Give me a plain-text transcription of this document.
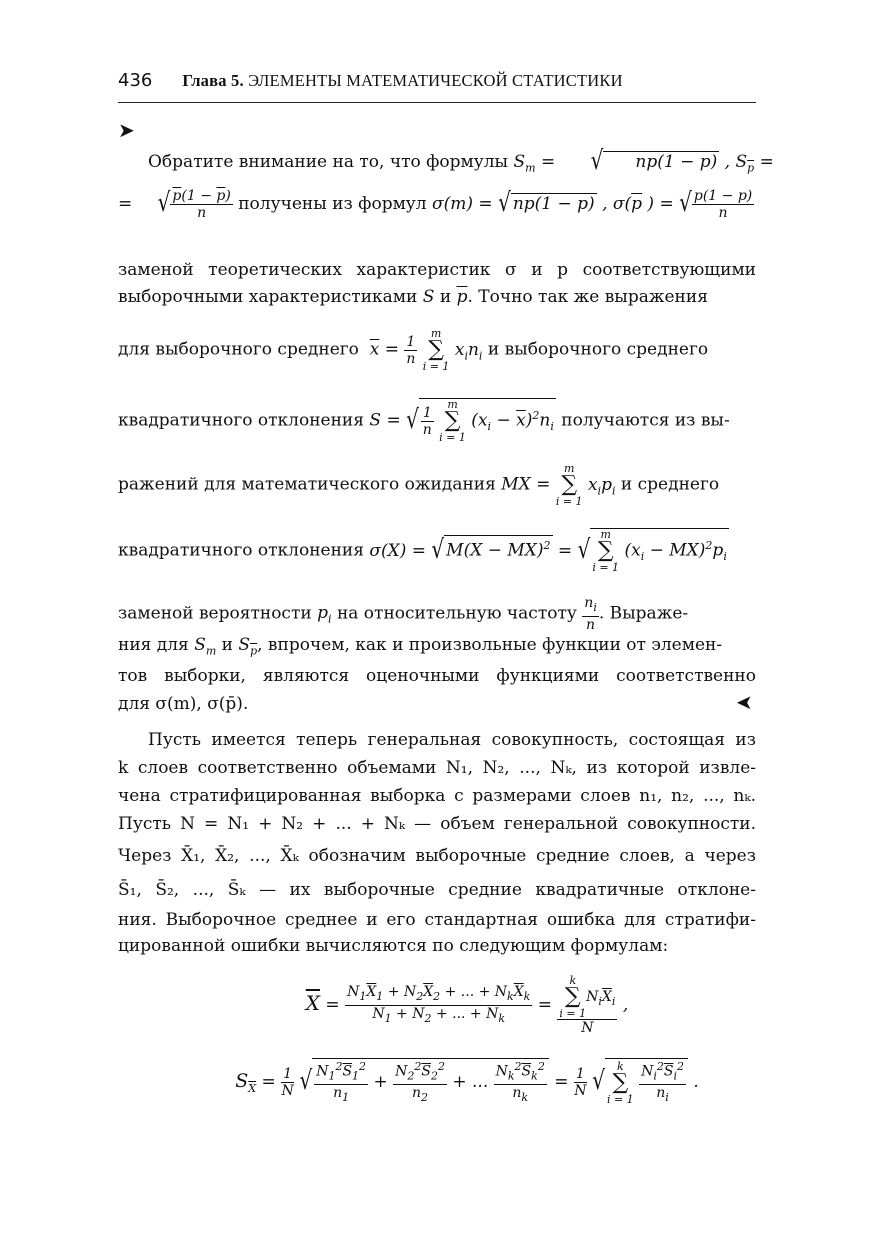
436 Глава 5. ЭЛЕМЕНТЫ МАТЕМАТИЧЕСКОЙ СТАТИСТИКИ
➤
Обратите внимание на то, что формулы $S_m$ = √ $n\overline{p}(1 - \overline{p})$ , $S_{\overline{p}}$ =
= √ $\frac{p(1 - \overline{p})}{n}$ получены из формул σ(m) = √ np(1 − p) , $\sigma(\overline{p}$ ) = √ $\frac{p(1 - p)}{n}$
заменой теоретических характеристик σ и p соответствующими
выборочными характеристиками S и $\overline{p}$. Точно так же выражения
для выборочного среднего $\overline{x} = \frac{1}{n}$
m
∑
i = 1
$x_in_i$ и выборочного среднего
квадратичного отклонения S = √ $\frac{1}{n}$
m
∑
i = 1
$(x_i - \overline{x})^2n_i$ получаются из вы-
ражений для математического ожидания MX =
m
∑
i = 1
$x_ip_i$ и среднего
квадратичного отклонения σ(X) = √ M(X − MX)$^2$ = √ m
∑
i = 1
$(x_i - MX)^2p_i$
заменой вероятности $p_i$ на относительную частоту $\frac{n_i}{n}$ . Выраже-
ния для $S_m$ и $S_{\overline{p}}$, впрочем, как и произвольные функции от элемен-
тов выборки, являются оценочными функциями соответственно
для σ(m), σ(p̄).	➤
Пусть имеется теперь генеральная совокупность, состоящая из
k слоев соответственно объемами N₁, N₂, ..., Nₖ, из которой извле-
чена стратифицированная выборка с размерами слоев n₁, n₂, ..., nₖ.
Пусть N = N₁ + N₂ + ... + Nₖ — объем генеральной совокупности.
Через X̄₁, X̄₂, ..., X̄ₖ обозначим выборочные средние слоев, а через
S̄₁, S̄₂, ..., S̄ₖ — их выборочные средние квадратичные отклоне-
ния. Выборочное среднее и его стандартная ошибка для стратифи-
цированной ошибки вычисляются по следующим формулам:
$\overline{X} = \frac{N_1\overline{X}_1 + N_2\overline{X}_2 + ... + N_k\overline{X}_k}{N_1 + N_2 + ... + N_k} = k$
∑
i = 1
$N_i\overline{X}_i$
N ,
$S_{\overline{X}} = \frac{1}{N}$ √ $\frac{N_1^2\overline{S}_1^2}{n_1} + \frac{N_2^2\overline{S}_2^2}{n_2}$ + ... $\frac{N_k^2\overline{S}_k^2}{n_k} = \frac{1}{N}$ √ k
∑
i = 1
$\frac{N_i^2\overline{S}_i^2}{n_i}$ .
